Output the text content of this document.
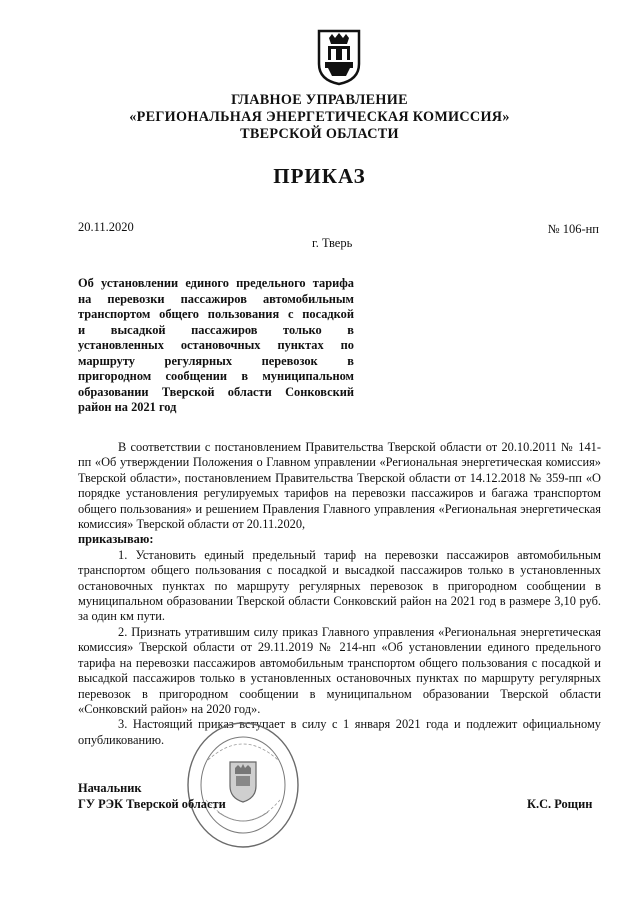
ГЛАВНОЕ УПРАВЛЕНИЕ
«РЕГИОНАЛЬНАЯ ЭНЕРГЕТИЧЕСКАЯ КОМИССИЯ»
ТВЕРСКОЙ ОБЛАСТИ
ПРИКАЗ
20.11.2020	№ 106-нп
г. Тверь
Об установлении единого предельного тарифа
на перевозки пассажиров автомобильным
транспортом общего пользования с посадкой
и высадкой пассажиров только в
установленных остановочных пунктах по
маршруту регулярных перевозок в
пригородном сообщении в муниципальном
образовании Тверской области Сонковский
район на 2021 год

В соответствии с постановлением Правительства Тверской области от 20.10.2011 № 141-пп «Об утверждении Положения о Главном управлении «Региональная энергетическая комиссия» Тверской области», постановлением Правительства Тверской области от 14.12.2018 № 359-пп «О порядке установления регулируемых тарифов на перевозки пассажиров и багажа транспортом общего пользования» и решением Правления Главного управления «Региональная энергетическая комиссия» Тверской области от 20.11.2020,

приказываю:

1. Установить единый предельный тариф на перевозки пассажиров автомобильным транспортом общего пользования с посадкой и высадкой пассажиров только в установленных остановочных пунктах по маршруту регулярных перевозок в пригородном сообщении в муниципальном образовании Тверской области Сонковский район на 2021 год в размере 3,10 руб. за один км пути.

2. Признать утратившим силу приказ Главного управления «Региональная энергетическая комиссия» Тверской области от 29.11.2019 № 214-нп «Об установлении единого предельного тарифа на перевозки пассажиров автомобильным транспортом общего пользования с посадкой и высадкой пассажиров только в установленных остановочных пунктах по маршруту регулярных перевозок в пригородном сообщении в муниципальном образовании Тверской области «Сонковский район» на 2020 год».

3. Настоящий приказ вступает в силу с 1 января 2021 года и подлежит официальному опубликованию.

Начальник
ГУ РЭК Тверской области	К.С. Рощин
